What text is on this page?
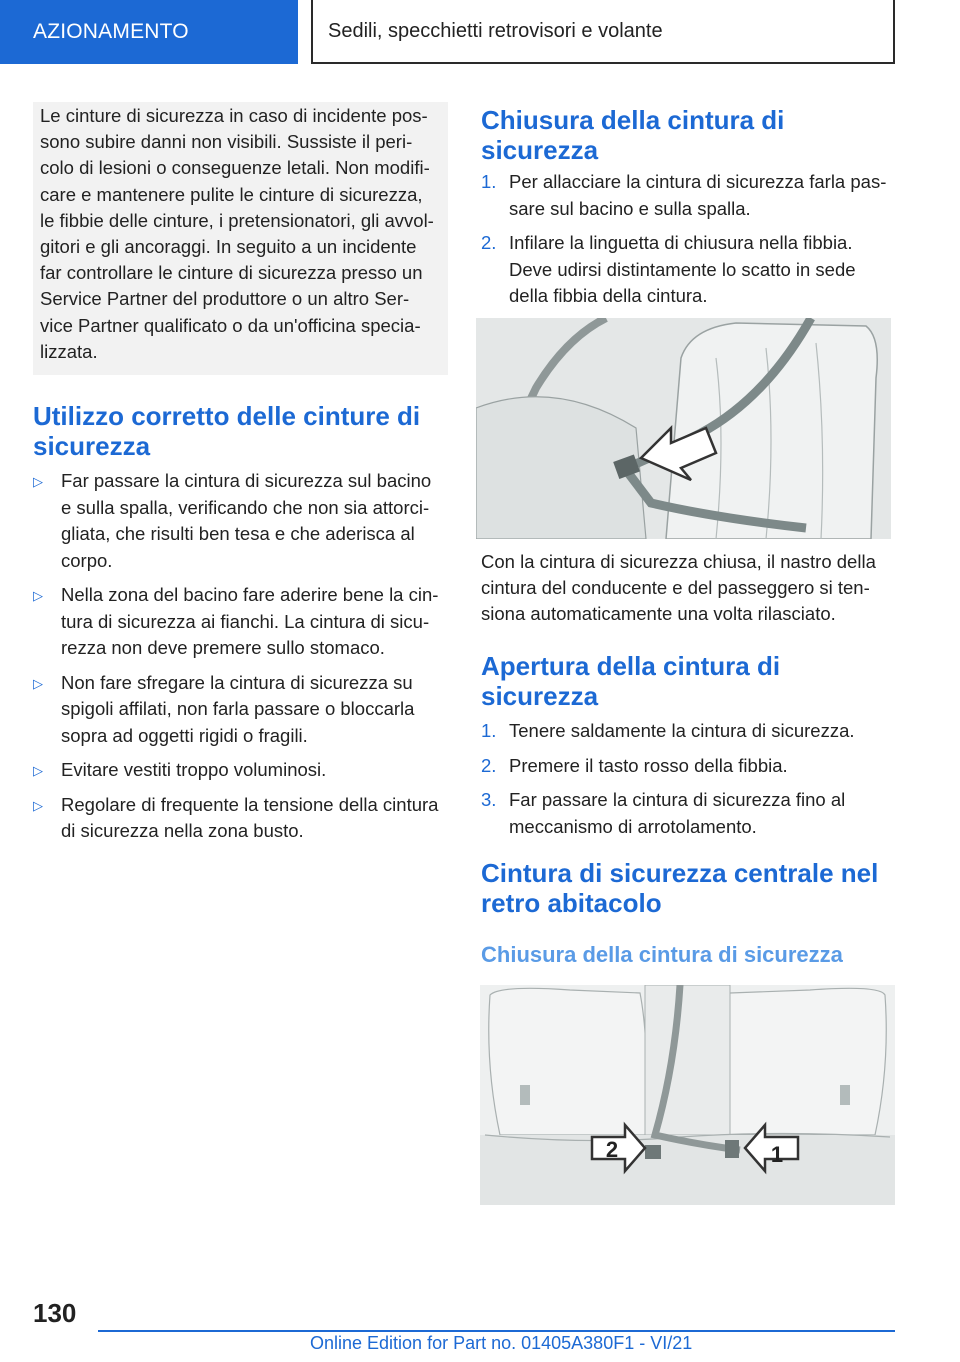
AZIONAMENTO	Sedili, specchietti retrovisori e volante
Le cinture di sicurezza in caso di incidente pos-
sono subire danni non visibili. Sussiste il peri-
colo di lesioni o conseguenze letali. Non modifi-
care e mantenere pulite le cinture di sicurezza,
le fibbie delle cinture, i pretensionatori, gli avvol-
gitori e gli ancoraggi. In seguito a un incidente
far controllare le cinture di sicurezza presso un
Service Partner del produttore o un altro Ser-
vice Partner qualificato o da un'officina specia-
lizzata.
Utilizzo corretto delle cinture di
sicurezza
▷ Far passare la cintura di sicurezza sul bacino
e sulla spalla, verificando che non sia attorci-
gliata, che risulti ben tesa e che aderisca al
corpo.
▷ Nella zona del bacino fare aderire bene la cin-
tura di sicurezza ai fianchi. La cintura di sicu-
rezza non deve premere sullo stomaco.
▷ Non fare sfregare la cintura di sicurezza su
spigoli affilati, non farla passare o bloccarla
sopra ad oggetti rigidi o fragili.
▷ Evitare vestiti troppo voluminosi.
▷ Regolare di frequente la tensione della cintura
di sicurezza nella zona busto.
Chiusura della cintura di
sicurezza
1. Per allacciare la cintura di sicurezza farla pas-
sare sul bacino e sulla spalla.
2. Infilare la linguetta di chiusura nella fibbia.
Deve udirsi distintamente lo scatto in sede
della fibbia della cintura.

Con la cintura di sicurezza chiusa, il nastro della
cintura del conducente e del passeggero si ten-
siona automaticamente una volta rilasciato.

Apertura della cintura di
sicurezza
1. Tenere saldamente la cintura di sicurezza.
2. Premere il tasto rosso della fibbia.
3. Far passare la cintura di sicurezza fino al
meccanismo di arrotolamento.
Cintura di sicurezza centrale nel
retro abitacolo
Chiusura della cintura di sicurezza
2	1
130
Online Edition for Part no. 01405A380F1 - VI/21
